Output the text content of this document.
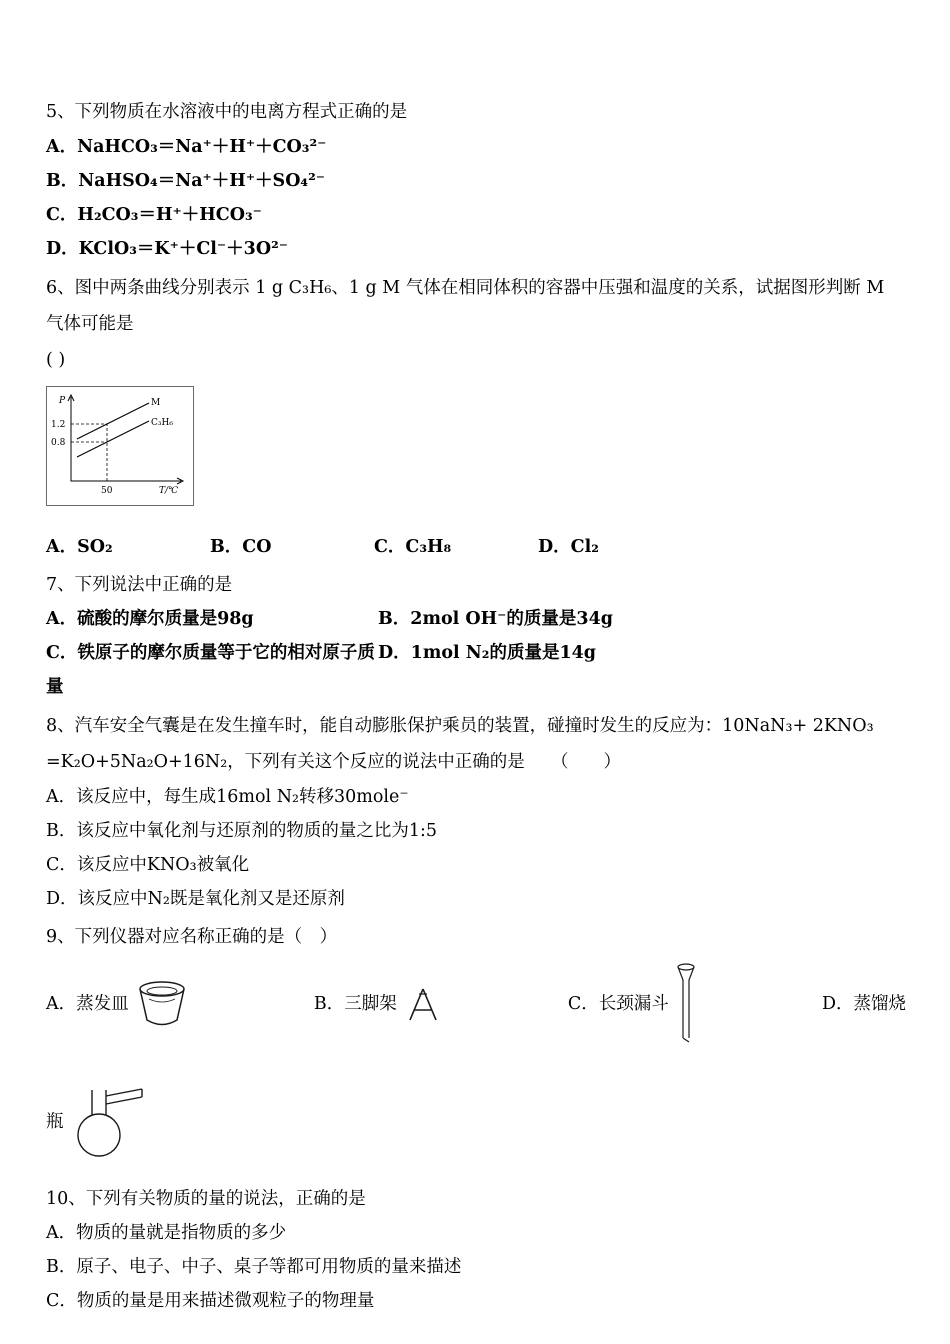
5、下列物质在水溶液中的电离方程式正确的是
A．NaHCO₃＝Na⁺＋H⁺＋CO₃²⁻
B．NaHSO₄＝Na⁺＋H⁺＋SO₄²⁻
C．H₂CO₃＝H⁺＋HCO₃⁻
D．KClO₃＝K⁺＋Cl⁻＋3O²⁻
6、图中两条曲线分别表示 1 g C₃H₆、1 g M 气体在相同体积的容器中压强和温度的关系，试据图形判断 M 气体可能是
( )
P
1.2
0.8
M
C₃H₆
50	T/℃
A．SO₂	B．CO	C．C₃H₈	D．Cl₂
7、下列说法中正确的是
A．硫酸的摩尔质量是98g	B．2mol OH⁻的质量是34g
C．铁原子的摩尔质量等于它的相对原子质量
D．1mol N₂的质量是14g
8、汽车安全气囊是在发生撞车时，能自动膨胀保护乘员的装置，碰撞时发生的反应为：10NaN₃+ 2KNO₃ =K₂O+5Na₂O+16N₂，下列有关这个反应的说法中正确的是　　（　　）
A．该反应中，每生成16mol N₂转移30mole⁻
B．该反应中氧化剂与还原剂的物质的量之比为1:5
C．该反应中KNO₃被氧化
D．该反应中N₂既是氧化剂又是还原剂
9、下列仪器对应名称正确的是（　）
A．蒸发皿	B．三脚架	C．长颈漏斗	D．蒸馏烧
瓶
10、下列有关物质的量的说法，正确的是
A．物质的量就是指物质的多少
B．原子、电子、中子、桌子等都可用物质的量来描述
C．物质的量是用来描述微观粒子的物理量
